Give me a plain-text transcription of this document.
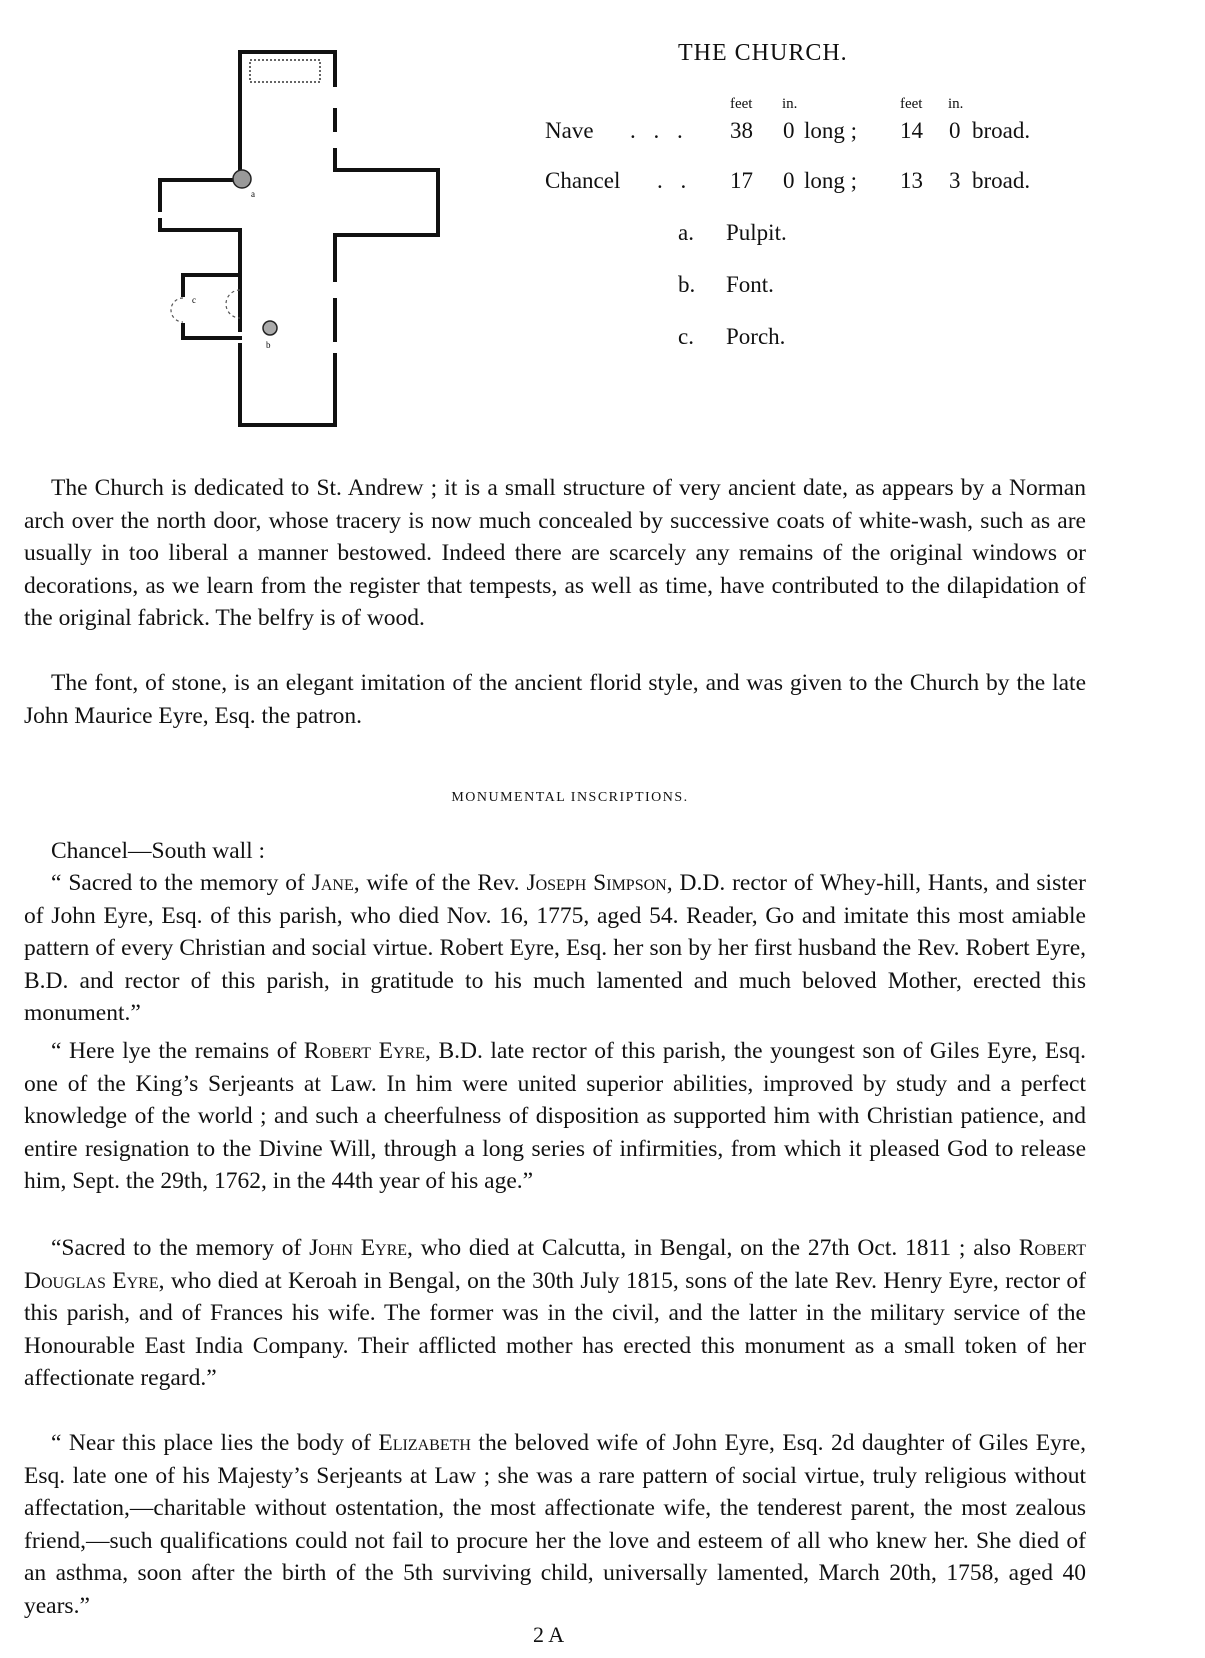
a
b
c
THE CHURCH.
feet in.	feet in.
Nave . . . 38 0 long ; 14 0 broad.
Chancel . . 17 0 long ; 13 3 broad.
a. Pulpit.
b. Font.
c. Porch.

The Church is dedicated to St. Andrew ; it is a small structure of very ancient date, as appears by a Norman arch over the north door, whose tracery is now much concealed by successive coats of white-wash, such as are usually in too liberal a manner bestowed. Indeed there are scarcely any remains of the original windows or decorations, as we learn from the register that tempests, as well as time, have contributed to the dilapidation of the original fabrick. The belfry is of wood.

The font, of stone, is an elegant imitation of the ancient florid style, and was given to the Church by the late John Maurice Eyre, Esq. the patron.

MONUMENTAL INSCRIPTIONS.

Chancel—South wall :

“ Sacred to the memory of Jane, wife of the Rev. Joseph Simpson, D.D. rector of Whey-hill, Hants, and sister of John Eyre, Esq. of this parish, who died Nov. 16, 1775, aged 54. Reader, Go and imitate this most amiable pattern of every Christian and social virtue. Robert Eyre, Esq. her son by her first husband the Rev. Robert Eyre, B.D. and rector of this parish, in gratitude to his much lamented and much beloved Mother, erected this monument.”

“ Here lye the remains of Robert Eyre, B.D. late rector of this parish, the youngest son of Giles Eyre, Esq. one of the King’s Serjeants at Law. In him were united superior abilities, improved by study and a perfect knowledge of the world ; and such a cheerfulness of disposition as supported him with Christian patience, and entire resignation to the Divine Will, through a long series of infirmities, from which it pleased God to release him, Sept. the 29th, 1762, in the 44th year of his age.”

“Sacred to the memory of John Eyre, who died at Calcutta, in Bengal, on the 27th Oct. 1811 ; also Robert Douglas Eyre, who died at Keroah in Bengal, on the 30th July 1815, sons of the late Rev. Henry Eyre, rector of this parish, and of Frances his wife. The former was in the civil, and the latter in the military service of the Honourable East India Company. Their afflicted mother has erected this monument as a small token of her affectionate regard.”

“ Near this place lies the body of Elizabeth the beloved wife of John Eyre, Esq. 2d daughter of Giles Eyre, Esq. late one of his Majesty’s Serjeants at Law ; she was a rare pattern of social virtue, truly religious without affectation,—charitable without ostentation, the most affectionate wife, the tenderest parent, the most zealous friend,—such qualifications could not fail to procure her the love and esteem of all who knew her. She died of an asthma, soon after the birth of the 5th surviving child, universally lamented, March 20th, 1758, aged 40 years.”

2 A
